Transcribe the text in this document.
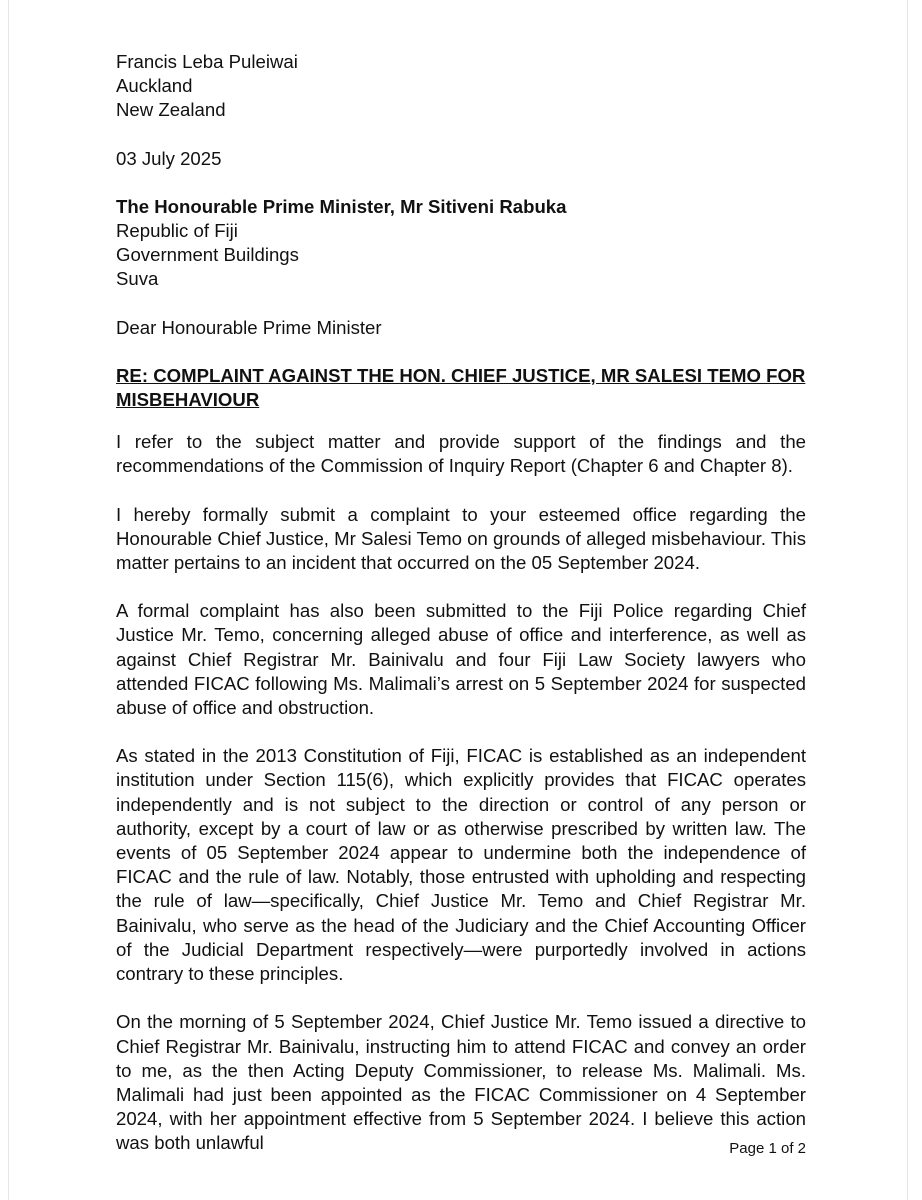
Francis Leba Puleiwai

Auckland

New Zealand

03 July 2025

The Honourable Prime Minister, Mr Sitiveni Rabuka

Republic of Fiji

Government Buildings

Suva

Dear Honourable Prime Minister

RE: COMPLAINT AGAINST THE HON. CHIEF JUSTICE, MR SALESI TEMO FOR MISBEHAVIOUR

I refer to the subject matter and provide support of the findings and the recommendations of the Commission of Inquiry Report (Chapter 6 and Chapter 8).

I hereby formally submit a complaint to your esteemed office regarding the Honourable Chief Justice, Mr Salesi Temo on grounds of alleged misbehaviour. This matter pertains to an incident that occurred on the 05 September 2024.

A formal complaint has also been submitted to the Fiji Police regarding Chief Justice Mr. Temo, concerning alleged abuse of office and interference, as well as against Chief Registrar Mr. Bainivalu and four Fiji Law Society lawyers who attended FICAC following Ms. Malimali’s arrest on 5 September 2024 for suspected abuse of office and obstruction.

As stated in the 2013 Constitution of Fiji, FICAC is established as an independent institution under Section 115(6), which explicitly provides that FICAC operates independently and is not subject to the direction or control of any person or authority, except by a court of law or as otherwise prescribed by written law. The events of 05 September 2024 appear to undermine both the independence of FICAC and the rule of law. Notably, those entrusted with upholding and respecting the rule of law—specifically, Chief Justice Mr. Temo and Chief Registrar Mr. Bainivalu, who serve as the head of the Judiciary and the Chief Accounting Officer of the Judicial Department respectively—were purportedly involved in actions contrary to these principles.

On the morning of 5 September 2024, Chief Justice Mr. Temo issued a directive to Chief Registrar Mr. Bainivalu, instructing him to attend FICAC and convey an order to me, as the then Acting Deputy Commissioner, to release Ms. Malimali. Ms. Malimali had just been appointed as the FICAC Commissioner on 4 September 2024, with her appointment effective from 5 September 2024. I believe this action was both unlawful	Page 1 of 2
